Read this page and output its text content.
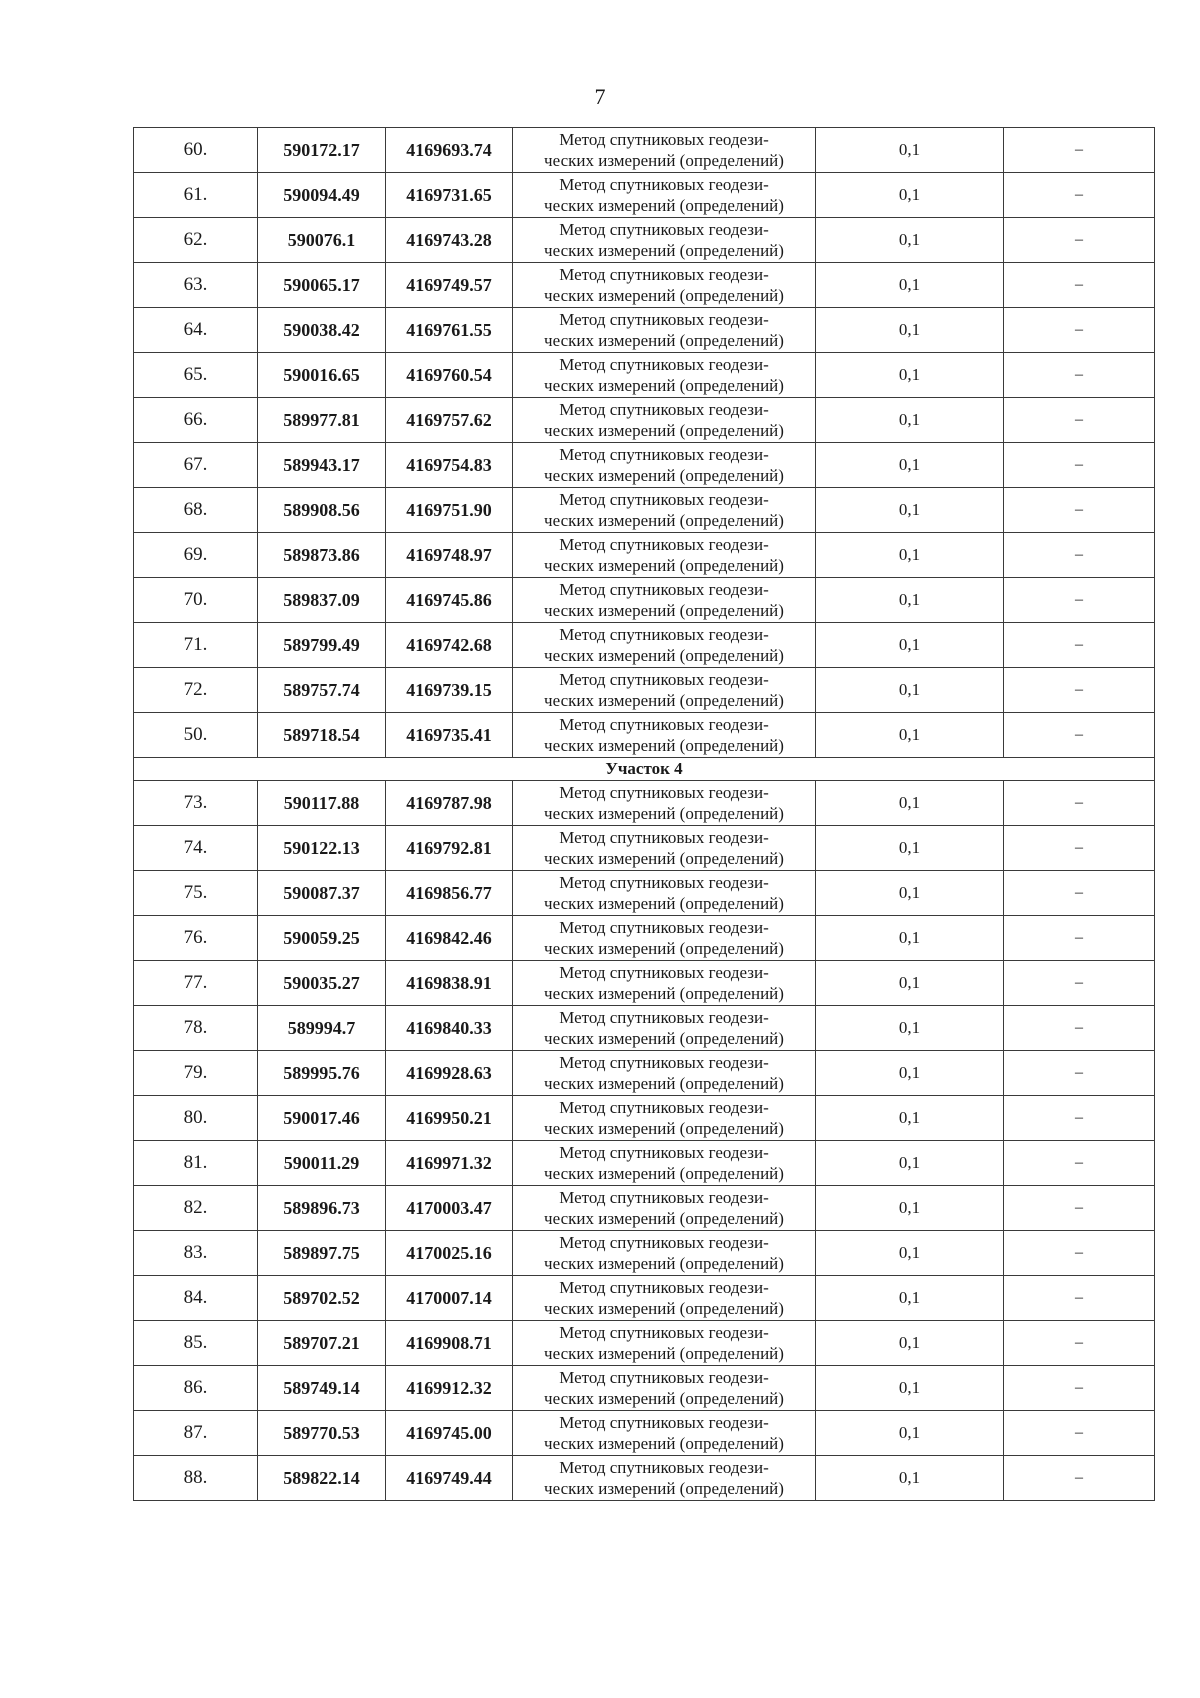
7
60.	590172.17	4169693.74	Метод спутниковых геодези-
ческих измерений (определений)	0,1	–
61.	590094.49	4169731.65	Метод спутниковых геодези-
ческих измерений (определений)	0,1	–
62.	590076.1	4169743.28	Метод спутниковых геодези-
ческих измерений (определений)	0,1	–
63.	590065.17	4169749.57	Метод спутниковых геодези-
ческих измерений (определений)	0,1	–
64.	590038.42	4169761.55	Метод спутниковых геодези-
ческих измерений (определений)	0,1	–
65.	590016.65	4169760.54	Метод спутниковых геодези-
ческих измерений (определений)	0,1	–
66.	589977.81	4169757.62	Метод спутниковых геодези-
ческих измерений (определений)	0,1	–
67.	589943.17	4169754.83	Метод спутниковых геодези-
ческих измерений (определений)	0,1	–
68.	589908.56	4169751.90	Метод спутниковых геодези-
ческих измерений (определений)	0,1	–
69.	589873.86	4169748.97	Метод спутниковых геодези-
ческих измерений (определений)	0,1	–
70.	589837.09	4169745.86	Метод спутниковых геодези-
ческих измерений (определений)	0,1	–
71.	589799.49	4169742.68	Метод спутниковых геодези-
ческих измерений (определений)	0,1	–
72.	589757.74	4169739.15	Метод спутниковых геодези-
ческих измерений (определений)	0,1	–
50.	589718.54	4169735.41	Метод спутниковых геодези-
ческих измерений (определений)	0,1	–
Участок 4					
73.	590117.88	4169787.98	Метод спутниковых геодези-
ческих измерений (определений)	0,1	–
74.	590122.13	4169792.81	Метод спутниковых геодези-
ческих измерений (определений)	0,1	–
75.	590087.37	4169856.77	Метод спутниковых геодези-
ческих измерений (определений)	0,1	–
76.	590059.25	4169842.46	Метод спутниковых геодези-
ческих измерений (определений)	0,1	–
77.	590035.27	4169838.91	Метод спутниковых геодези-
ческих измерений (определений)	0,1	–
78.	589994.7	4169840.33	Метод спутниковых геодези-
ческих измерений (определений)	0,1	–
79.	589995.76	4169928.63	Метод спутниковых геодези-
ческих измерений (определений)	0,1	–
80.	590017.46	4169950.21	Метод спутниковых геодези-
ческих измерений (определений)	0,1	–
81.	590011.29	4169971.32	Метод спутниковых геодези-
ческих измерений (определений)	0,1	–
82.	589896.73	4170003.47	Метод спутниковых геодези-
ческих измерений (определений)	0,1	–
83.	589897.75	4170025.16	Метод спутниковых геодези-
ческих измерений (определений)	0,1	–
84.	589702.52	4170007.14	Метод спутниковых геодези-
ческих измерений (определений)	0,1	–
85.	589707.21	4169908.71	Метод спутниковых геодези-
ческих измерений (определений)	0,1	–
86.	589749.14	4169912.32	Метод спутниковых геодези-
ческих измерений (определений)	0,1	–
87.	589770.53	4169745.00	Метод спутниковых геодези-
ческих измерений (определений)	0,1	–
88.	589822.14	4169749.44	Метод спутниковых геодези-
ческих измерений (определений)	0,1	–
